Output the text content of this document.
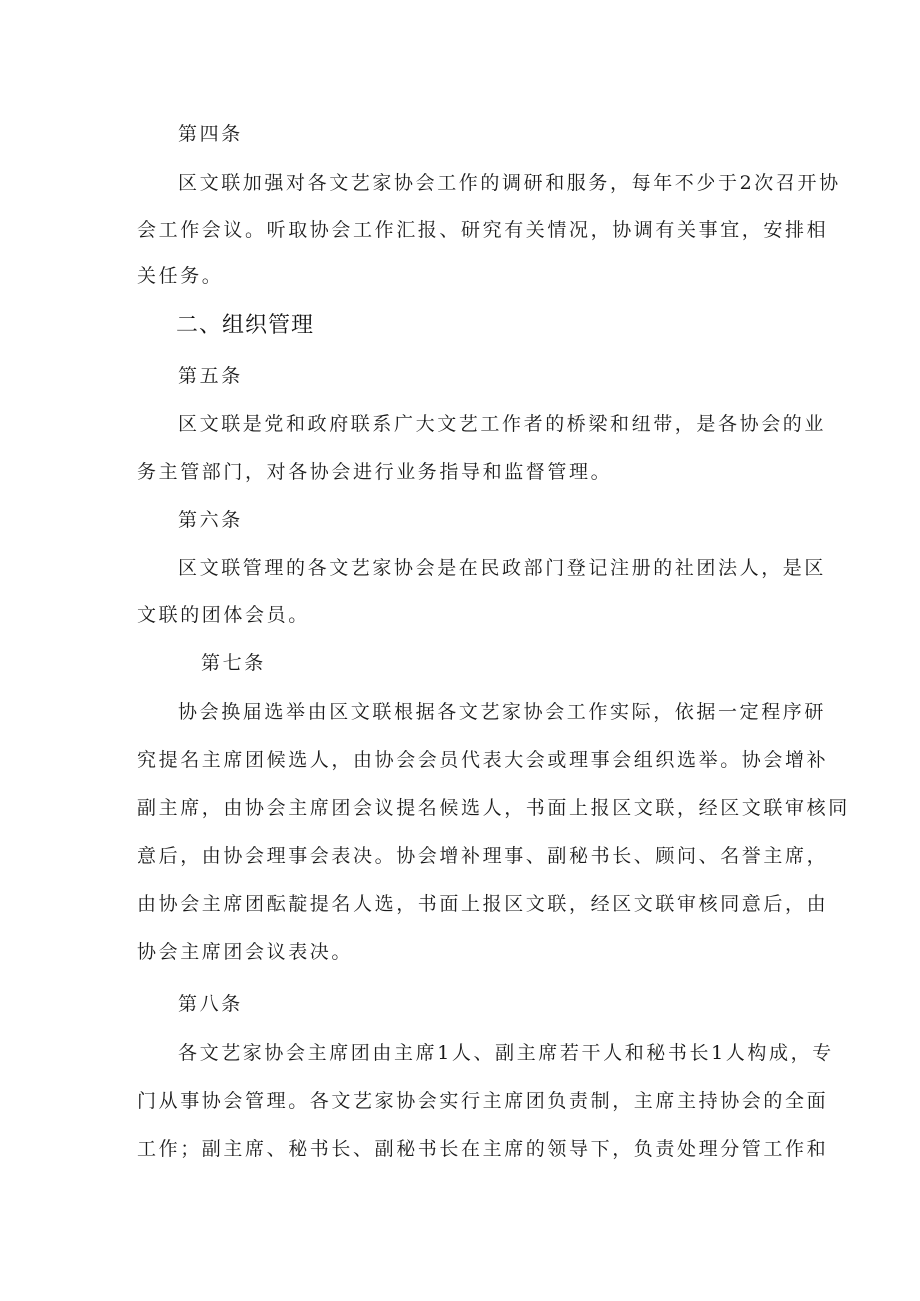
第四条
区文联加强对各文艺家协会工作的调研和服务，每年不少于2次召开协
会工作会议。听取协会工作汇报、研究有关情况，协调有关事宜，安排相
关任务。
二、组织管理
第五条
区文联是党和政府联系广大文艺工作者的桥梁和纽带，是各协会的业
务主管部门，对各协会进行业务指导和监督管理。
第六条
区文联管理的各文艺家协会是在民政部门登记注册的社团法人，是区
文联的团体会员。
第七条
协会换届选举由区文联根据各文艺家协会工作实际，依据一定程序研
究提名主席团候选人，由协会会员代表大会或理事会组织选举。协会增补
副主席，由协会主席团会议提名候选人，书面上报区文联，经区文联审核同
意后，由协会理事会表决。协会增补理事、副秘书长、顾问、名誉主席，
由协会主席团酝靛提名人选，书面上报区文联，经区文联审核同意后，由
协会主席团会议表决。
第八条
各文艺家协会主席团由主席1人、副主席若干人和秘书长1人构成，专
门从事协会管理。各文艺家协会实行主席团负责制，主席主持协会的全面
工作；副主席、秘书长、副秘书长在主席的领导下，负责处理分管工作和
